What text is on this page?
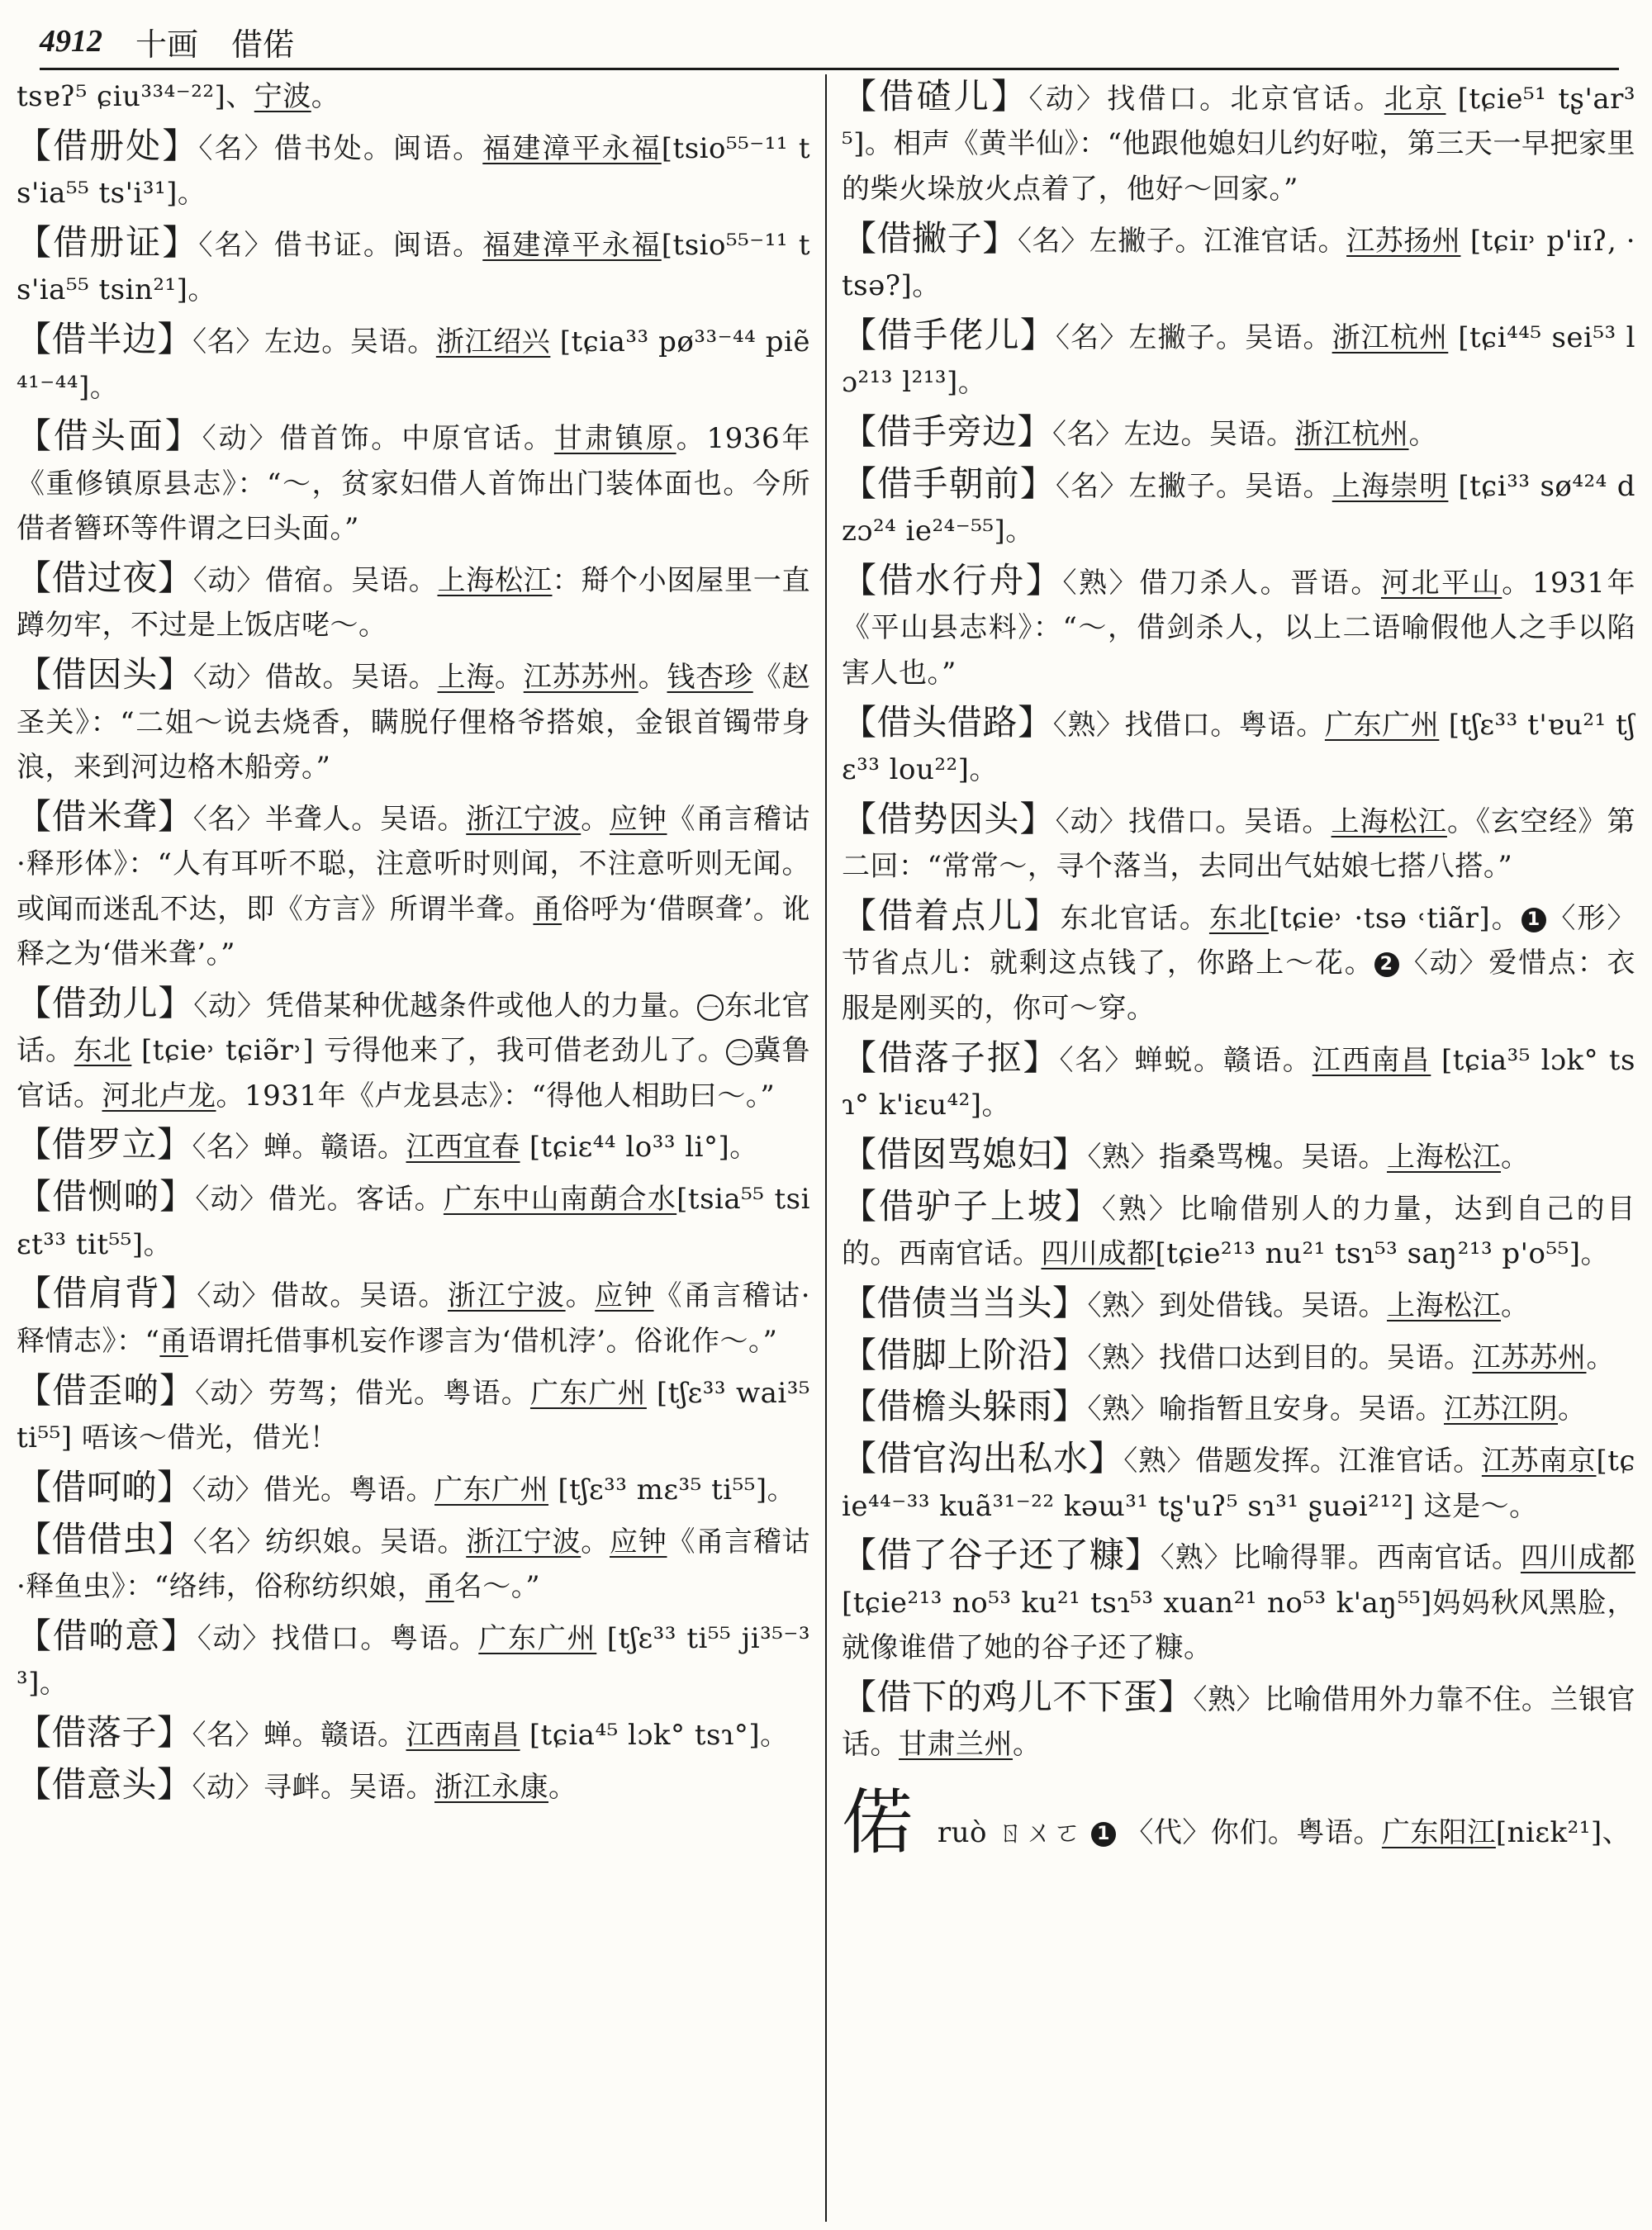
4912 十画 借偌
tsɐʔ⁵ ɕiu³³⁴⁻²²]、宁波。
【借册处】〈名〉借书处。闽语。福建漳平永福[tsio⁵⁵⁻¹¹ ts'ia⁵⁵ ts'i³¹]。
【借册证】〈名〉借书证。闽语。福建漳平永福[tsio⁵⁵⁻¹¹ ts'ia⁵⁵ tsin²¹]。
【借半边】〈名〉左边。吴语。浙江绍兴 [tɕia³³ pø³³⁻⁴⁴ piẽ⁴¹⁻⁴⁴]。
【借头面】〈动〉借首饰。中原官话。甘肃镇原。1936年《重修镇原县志》：“～，贫家妇借人首饰出门装体面也。今所借者簪环等件谓之曰头面。”
【借过夜】〈动〉借宿。吴语。上海松江：搿个小囡屋里一直蹲勿牢，不过是上饭店咾～。
【借因头】〈动〉借故。吴语。上海。江苏苏州。钱杏珍《赵圣关》：“二姐～说去烧香，瞒脱仔俚格爷搭娘，金银首镯带身浪，来到河边格木船旁。”
【借米聋】〈名〉半聋人。吴语。浙江宁波。应钟《甬言稽诂·释形体》：“人有耳听不聪，注意听时则闻，不注意听则无闻。或闻而迷乱不达，即《方言》所谓半聋。甬俗呼为‘借暝聋’。讹释之为‘借米聋’。”
【借劲儿】〈动〉凭借某种优越条件或他人的力量。 一 东北官话。东北 [tɕie˒ tɕiə̃r˒] 亏得他来了，我可借老劲儿了。 二 冀鲁官话。河北卢龙。1931年《卢龙县志》：“得他人相助曰～。”
【借罗立】〈名〉蝉。赣语。江西宜春 [tɕiɛ⁴⁴ lo³³ li°]。
【借恻啲】〈动〉借光。客话。广东中山南蓢合水[tsia⁵⁵ tsiɛt³³ tit⁵⁵]。
【借肩背】〈动〉借故。吴语。浙江宁波。应钟《甬言稽诂·释情志》：“甬语谓托借事机妄作谬言为‘借机浡’。俗讹作～。”
【借歪啲】〈动〉劳驾；借光。粤语。广东广州 [tʃɛ³³ wai³⁵ ti⁵⁵] 唔该～借光，借光！
【借呵啲】〈动〉借光。粤语。广东广州 [tʃɛ³³ mɛ³⁵ ti⁵⁵]。
【借借虫】〈名〉纺织娘。吴语。浙江宁波。应钟《甬言稽诂·释鱼虫》：“络纬，俗称纺织娘，甬名～。”
【借啲意】〈动〉找借口。粤语。广东广州 [tʃɛ³³ ti⁵⁵ ji³⁵⁻³³]。
【借落子】〈名〉蝉。赣语。江西南昌 [tɕia⁴⁵ lɔk° tsɿ°]。
【借意头】〈动〉寻衅。吴语。浙江永康。
【借碴儿】〈动〉找借口。北京官话。北京 [tɕie⁵¹ tʂ'ar³⁵]。相声《黄半仙》：“他跟他媳妇儿约好啦，第三天一早把家里的柴火垛放火点着了，他好～回家。”
【借撇子】〈名〉左撇子。江淮官话。江苏扬州 [tɕiɪ˒ p'iɪʔ, ·tsə?]。
【借手佬儿】〈名〉左撇子。吴语。浙江杭州 [tɕi⁴⁴⁵ sei⁵³ lɔ²¹³ l²¹³]。
【借手旁边】〈名〉左边。吴语。浙江杭州。
【借手朝前】〈名〉左撇子。吴语。上海崇明 [tɕi³³ sø⁴²⁴ dzɔ²⁴ ie²⁴⁻⁵⁵]。
【借水行舟】〈熟〉借刀杀人。晋语。河北平山。1931年《平山县志料》：“～，借剑杀人，以上二语喻假他人之手以陷害人也。”
【借头借路】〈熟〉找借口。粤语。广东广州 [tʃɛ³³ t'ɐu²¹ tʃɛ³³ lou²²]。
【借势因头】〈动〉找借口。吴语。上海松江。《玄空经》第二回：“常常～，寻个落当，去同出气姑娘七搭八搭。”
【借着点儿】东北官话。东北[tɕie˒ ·tsə ˓tiãr]。 1 〈形〉节省点儿：就剩这点钱了，你路上～花。 2 〈动〉爱惜点：衣服是刚买的，你可～穿。
【借落子抠】〈名〉蝉蜕。赣语。江西南昌 [tɕia³⁵ lɔk° tsɿ° k'iɛu⁴²]。
【借囡骂媳妇】〈熟〉指桑骂槐。吴语。上海松江。
【借驴子上坡】〈熟〉比喻借别人的力量，达到自己的目的。西南官话。四川成都[tɕie²¹³ nu²¹ tsɿ⁵³ saŋ²¹³ p'o⁵⁵]。
【借债当当头】〈熟〉到处借钱。吴语。上海松江。
【借脚上阶沿】〈熟〉找借口达到目的。吴语。江苏苏州。
【借檐头躲雨】〈熟〉喻指暂且安身。吴语。江苏江阴。
【借官沟出私水】〈熟〉借题发挥。江淮官话。江苏南京[tɕie⁴⁴⁻³³ kuã³¹⁻²² kəɯ³¹ tʂ'uʔ⁵ sɿ³¹ ʂuəi²¹²] 这是～。
【借了谷子还了糠】〈熟〉比喻得罪。西南官话。四川成都 [tɕie²¹³ no⁵³ ku²¹ tsɿ⁵³ xuan²¹ no⁵³ k'aŋ⁵⁵]妈妈秋风黑脸，就像谁借了她的谷子还了糠。
【借下的鸡儿不下蛋】〈熟〉比喻借用外力靠不住。兰银官话。甘肃兰州。
偌 ruò ㄖㄨㄛ 1 〈代〉你们。粤语。广东阳江[niɛk²¹]、
